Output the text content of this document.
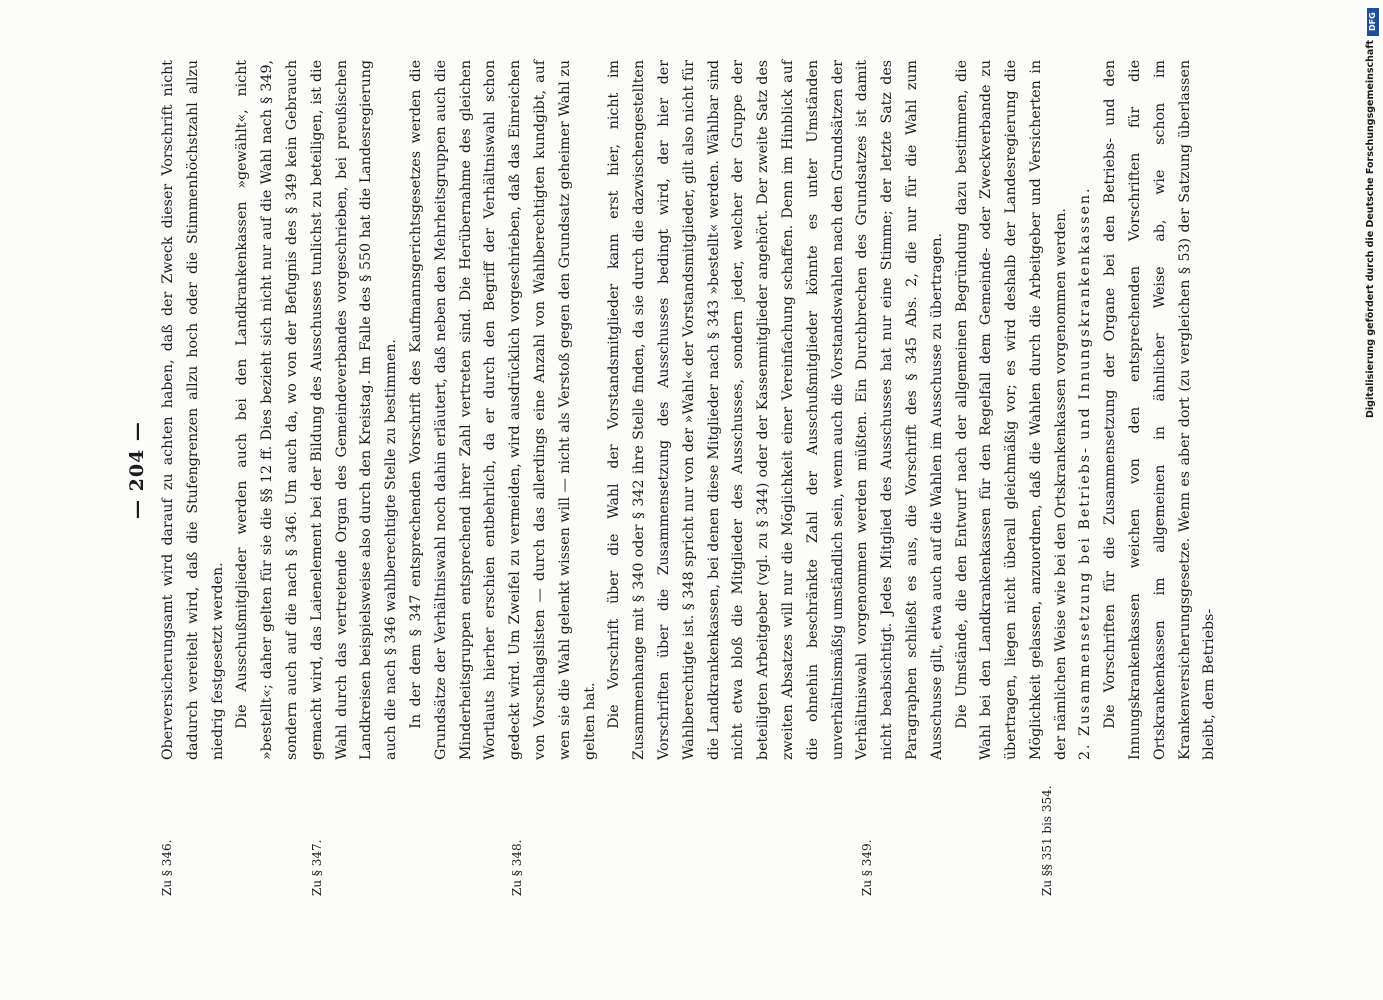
— 204 —
Zu § 346.	Zu § 347.	Zu § 348.	Zu § 349.	Zu §§ 351 bis 354.

Oberversicherungsamt wird darauf zu achten haben, daß der Zweck dieser Vorschrift nicht dadurch vereitelt wird, daß die Stufengrenzen allzu hoch oder die Stimmenhöchstzahl allzu niedrig festgesetzt werden. Die Ausschußmitglieder werden auch bei den Landkrankenkassen »gewählt«, nicht »bestellt«; daher gelten für sie die §§ 12 ff. Dies bezieht sich nicht nur auf die Wahl nach § 349, sondern auch auf die nach § 346. Um auch da, wo von der Befugnis des § 349 kein Gebrauch gemacht wird, das Laienelement bei der Bildung des Ausschusses tunlichst zu beteiligen, ist die Wahl durch das vertretende Organ des Gemeindeverbandes vorgeschrieben, bei preußischen Landkreisen beispielsweise also durch den Kreistag. Im Falle des § 550 hat die Landesregierung auch die nach § 346 wahlberechtigte Stelle zu bestimmen. In der dem § 347 entsprechenden Vorschrift des Kaufmannsgerichtsgesetzes werden die Grundsätze der Verhältniswahl noch dahin erläutert, daß neben den Mehrheitsgruppen auch die Minderheitsgruppen entsprechend ihrer Zahl vertreten sind. Die Herübernahme des gleichen Wortlauts hierher erschien entbehrlich, da er durch den Begriff der Verhältniswahl schon gedeckt wird. Um Zweifel zu vermeiden, wird ausdrücklich vorgeschrieben, daß das Einreichen von Vorschlagslisten — durch das allerdings eine Anzahl von Wahlberechtigten kundgibt, auf wen sie die Wahl gelenkt wissen will — nicht als Verstoß gegen den Grundsatz geheimer Wahl zu gelten hat. Die Vorschrift über die Wahl der Vorstandsmitglieder kann erst hier, nicht im Zusammenhange mit § 340 oder § 342 ihre Stelle finden, da sie durch die dazwischengestellten Vorschriften über die Zusammensetzung des Ausschusses bedingt wird, der hier der Wahlberechtigte ist. § 348 spricht nur von der »Wahl« der Vorstandsmitglieder, gilt also nicht für die Landkrankenkassen, bei denen diese Mitglieder nach § 343 »bestellt« werden. Wählbar sind nicht etwa bloß die Mitglieder des Ausschusses, sondern jeder, welcher der Gruppe der beteiligten Arbeitgeber (vgl. zu § 344) oder der Kassenmitglieder angehört. Der zweite Satz des zweiten Absatzes will nur die Möglichkeit einer Vereinfachung schaffen. Denn im Hinblick auf die ohnehin beschränkte Zahl der Ausschußmitglieder könnte es unter Umständen unverhältnismäßig umständlich sein, wenn auch die Vorstandswahlen nach den Grundsätzen der Verhältniswahl vorgenommen werden müßten. Ein Durchbrechen des Grundsatzes ist damit nicht beabsichtigt. Jedes Mitglied des Ausschusses hat nur eine Stimme; der letzte Satz des Paragraphen schließt es aus, die Vorschrift des § 345 Abs. 2, die nur für die Wahl zum Ausschusse gilt, etwa auch auf die Wahlen im Ausschusse zu übertragen. Die Umstände, die den Entwurf nach der allgemeinen Begründung dazu bestimmen, die Wahl bei den Landkrankenkassen für den Regelfall dem Gemeinde- oder Zweckverbande zu übertragen, liegen nicht überall gleichmäßig vor; es wird deshalb der Landesregierung die Möglichkeit gelassen, anzuordnen, daß die Wahlen durch die Arbeitgeber und Versicherten in der nämlichen Weise wie bei den Ortskrankenkassen vorgenommen werden. 2. Zusammensetzung bei Betriebs- und Innungskrankenkassen. Die Vorschriften für die Zusammensetzung der Organe bei den Betriebs- und den Innungskrankenkassen weichen von den entsprechenden Vorschriften für die Ortskrankenkassen im allgemeinen in ähnlicher Weise ab, wie schon im Krankenversicherungsgesetze. Wenn es aber dort (zu vergleichen § 53) der Satzung überlassen bleibt, dem Betriebs-

DFG
Digitalisierung gefördert durch die Deutsche Forschungsgemeinschaft
